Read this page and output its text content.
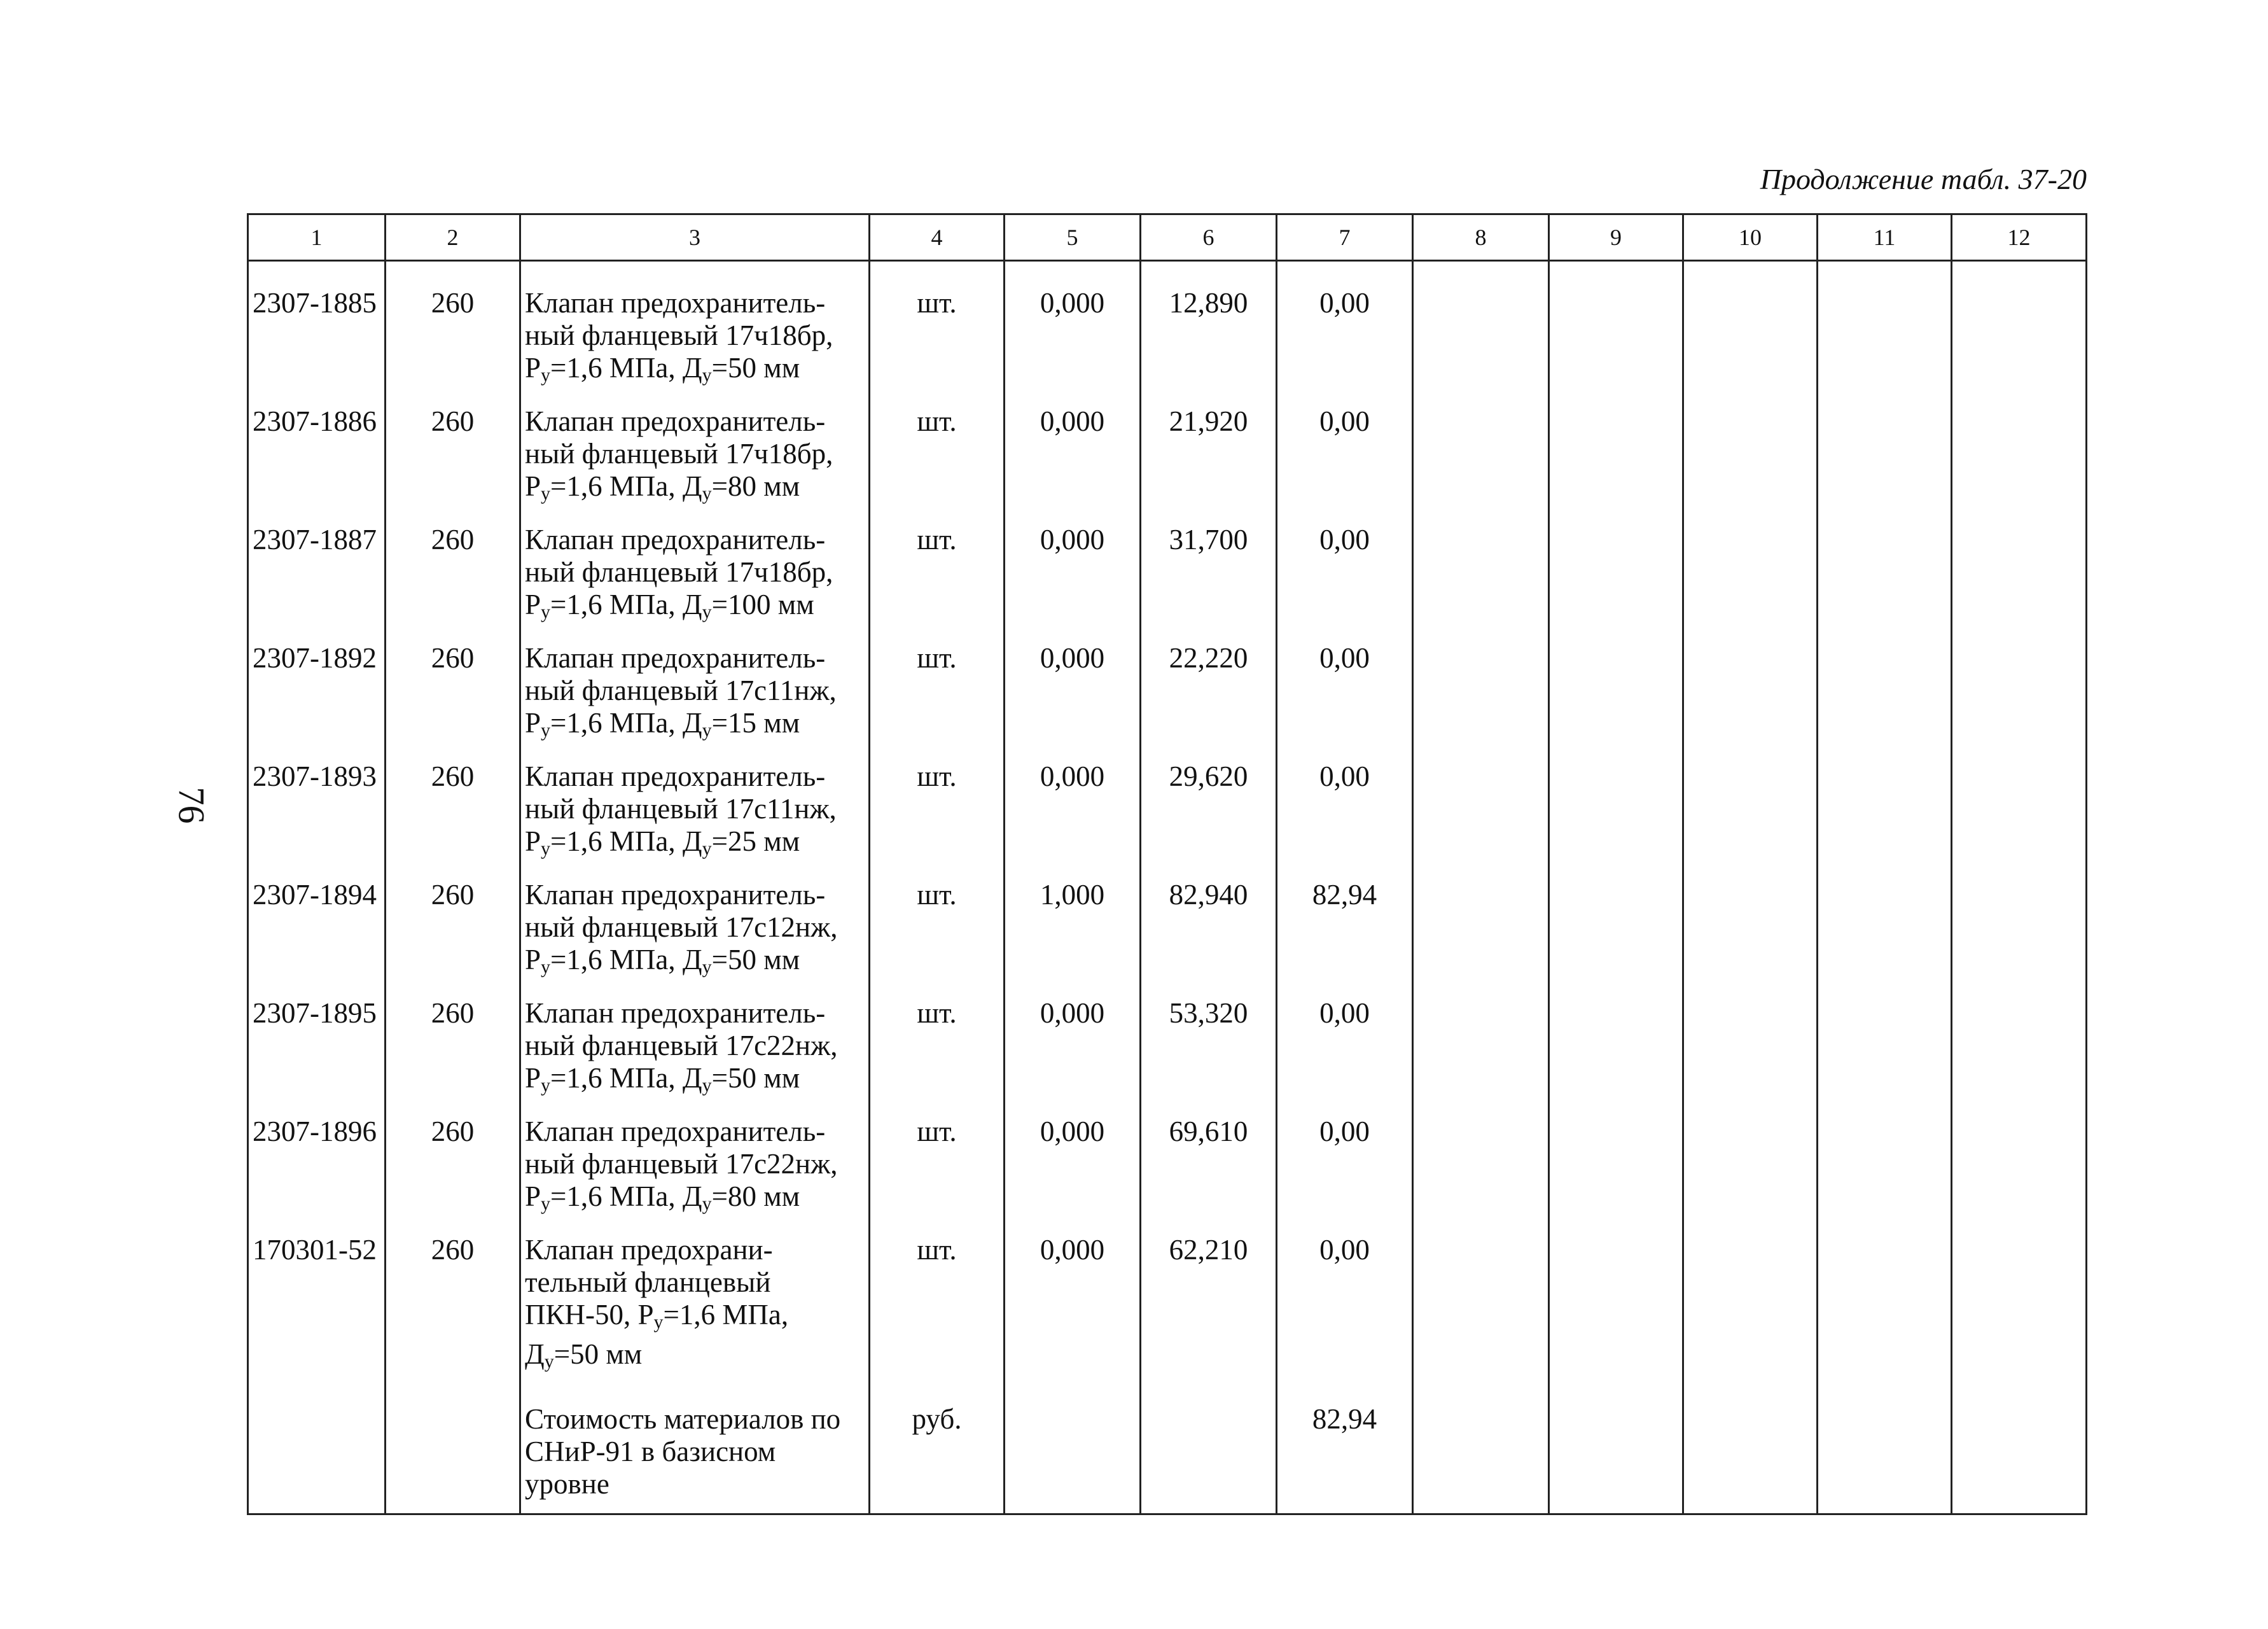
Продолжение табл. 37-20
76
1	2	3	4	5	6	7	8	9	10	11	12
2307-1885	260	Клапан предохранитель-ный фланцевый 17ч18бр, $Р_у=1,6$ МПа, $Д_у=50$ мм	шт.	0,000	12,890	0,00					
2307-1886	260	Клапан предохранитель-ный фланцевый 17ч18бр, $Р_у=1,6$ МПа, $Д_у=80$ мм	шт.	0,000	21,920	0,00					
2307-1887	260	Клапан предохранитель-ный фланцевый 17ч18бр, $Р_у=1,6$ МПа, $Д_у=100$ мм	шт.	0,000	31,700	0,00					
2307-1892	260	Клапан предохранитель-ный фланцевый 17с11нж, $Р_у=1,6$ МПа, $Д_у=15$ мм	шт.	0,000	22,220	0,00					
2307-1893	260	Клапан предохранитель-ный фланцевый 17с11нж, $Р_у=1,6$ МПа, $Д_у=25$ мм	шт.	0,000	29,620	0,00					
2307-1894	260	Клапан предохранитель-ный фланцевый 17с12нж, $Р_у=1,6$ МПа, $Д_у=50$ мм	шт.	1,000	82,940	82,94					
2307-1895	260	Клапан предохранитель-ный фланцевый 17с22нж, $Р_у=1,6$ МПа, $Д_у=50$ мм	шт.	0,000	53,320	0,00					
2307-1896	260	Клапан предохранитель-ный фланцевый 17с22нж, $Р_у=1,6$ МПа, $Д_у=80$ мм	шт.	0,000	69,610	0,00					
170301-52	260	Клапан предохрани-тельный фланцевый ПКН-50, $Р_у=1,6$ МПа, $Д_у=50$ мм	шт.	0,000	62,210	0,00					
		Стоимость материалов по СНиР-91 в базисном уровне	руб.			82,94					
